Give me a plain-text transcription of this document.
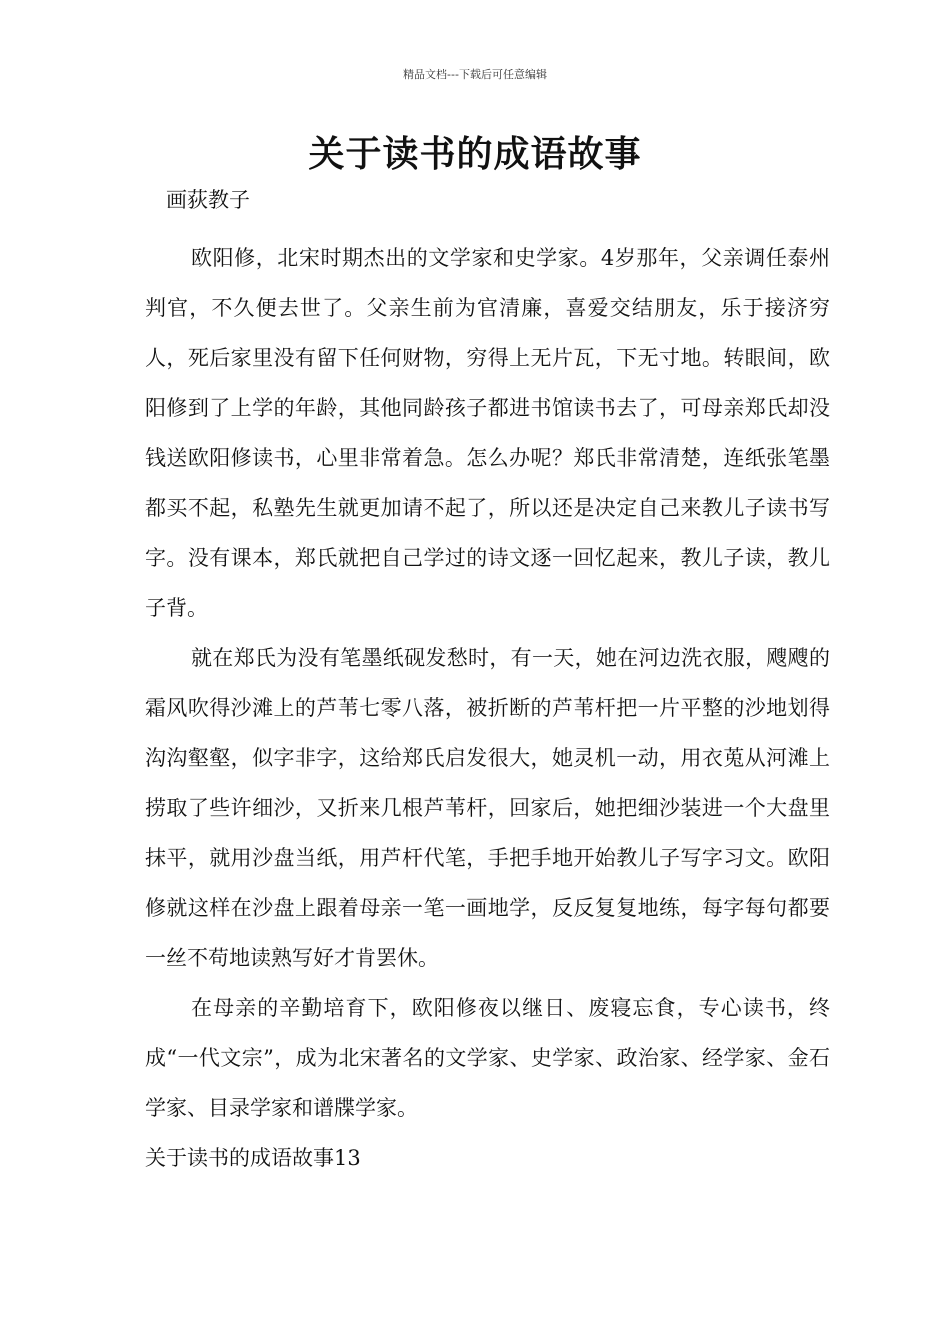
精品文档---下载后可任意编辑
关于读书的成语故事

画荻教子

欧阳修，北宋时期杰出的文学家和史学家。4岁那年，父亲调任泰州判官，不久便去世了。父亲生前为官清廉，喜爱交结朋友，乐于接济穷人，死后家里没有留下任何财物，穷得上无片瓦，下无寸地。转眼间，欧阳修到了上学的年龄，其他同龄孩子都进书馆读书去了，可母亲郑氏却没钱送欧阳修读书，心里非常着急。怎么办呢？郑氏非常清楚，连纸张笔墨都买不起，私塾先生就更加请不起了，所以还是决定自己来教儿子读书写字。没有课本，郑氏就把自己学过的诗文逐一回忆起来，教儿子读，教儿子背。

就在郑氏为没有笔墨纸砚发愁时，有一天，她在河边洗衣服，飕飕的霜风吹得沙滩上的芦苇七零八落，被折断的芦苇杆把一片平整的沙地划得沟沟壑壑，似字非字，这给郑氏启发很大，她灵机一动，用衣莵从河滩上捞取了些许细沙，又折来几根芦苇杆，回家后，她把细沙装进一个大盘里抹平，就用沙盘当纸，用芦杆代笔，手把手地开始教儿子写字习文。欧阳修就这样在沙盘上跟着母亲一笔一画地学，反反复复地练，每字每句都要一丝不苟地读熟写好才肯罢休。

在母亲的辛勤培育下，欧阳修夜以继日、废寝忘食，专心读书，终成“一代文宗”，成为北宋著名的文学家、史学家、政治家、经学家、金石学家、目录学家和谱牒学家。

关于读书的成语故事13
